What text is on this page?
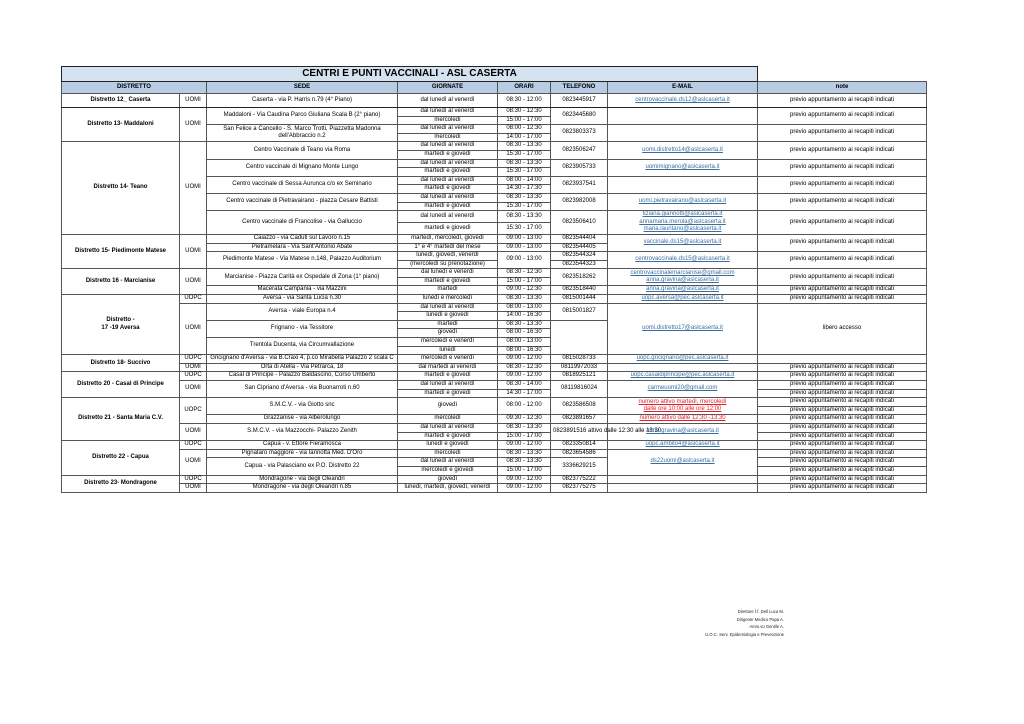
CENTRI E PUNTI VACCINALI - ASL CASERTA							
DISTRETTO		SEDE	GIORNATE	ORARI	TELEFONO	E-MAIL	note
Distretto 12_ Caserta	UOMI	Caserta - via P. Harris n.79 (4° Piano)	dal lunedì al venerdì	08:30 - 12:00	0823445917	centrovaccinale.ds12@aslcaserta.it	previo appuntamento ai recapiti indicati
Distretto 13- Maddaloni	UOMI	Maddaloni - Via Caudina Parco Giuliana Scala B (2° piano)	dal lunedì al venerdì	08:30 - 12:30	0823445680		previo appuntamento ai recapiti indicati
			mercoledì	15:00 - 17:00			
		San Felice a Cancello - S. Marco Trotti, Piazzetta Madonna dell'Abbraccio n.2	dal lunedì al venerdì	08:00 - 12:30	0823803373		previo appuntamento ai recapiti indicati
			mercoledì	14:00 - 17:00			
Distretto 14- Teano	UOMI	Centro Vaccinale di Teano via Roma	dal lunedì al venerdì	08:30 - 13:30	0823506247	uomi.distretto14@aslcaserta.it	previo appuntamento ai recapiti indicati
			martedì e giovedì	15:30 - 17:00			
		Centro vaccinale di Mignano Monte Lungo	dal lunedì al venerdì	08:30 - 13:30	0823905733	uomimignano@aslcaserta.it	previo appuntamento ai recapiti indicati
			martedì e giovedì	15:30 - 17:00			
		Centro vaccinale di Sessa Aurunca c/o ex Seminario	dal lunedì al venerdì	08:00 - 14:00	0823937541		previo appuntamento ai recapiti indicati
			martedì e giovedì	14:30 - 17:30			
		Centro vaccinale di Pietravairano - piazza Cesare Battisti	dal lunedì al venerdì	08:30 - 13:30	0823982008	uomi.pietravairano@aslcaserta.it	previo appuntamento ai recapiti indicati
			martedì e giovedì	15:30 - 17:00			
		Centro vaccinale di Francolise - via Galluccio	dal lunedì al venerdì	08:30 - 13:30	0823506410	tiziana.giannotti@aslcaserta.it
annamaria.merola@aslcaserta.it
maria.lauritano@aslcaserta.it	previo appuntamento ai recapiti indicati
			martedì e giovedì	15:30 - 17:00			
Distretto 15- Piedimonte Matese	UOMI	Caiazzo - via Caduti sul Lavoro n.15	martedì, mercoledì, giovedì	09:00 - 13:00	0823544404	vaccinale.ds15@aslcaserta.it	previo appuntamento ai recapiti indicati
		Pietramelara - Via Sant'Antonio Abate	1° e 4° martedì del mese	09:00 - 13:00	0823544405		
		Piedimonte Matese - Via Matese n.148, Palazzo Auditorium	lunedì, giovedì, venerdì	09:00 - 13:00	0823544324	centrovaccinale.ds15@aslcaserta.it	previo appuntamento ai recapiti indicati
			(mercoledì su prenotazione)		0823544323		
Distretto 16 - Marcianise	UOMI	Marcianise - Piazza Carità ex Ospedale di Zona (1° piano)	dal lunedì e venerdì	08:30 - 12:30	0823518262	centrovaccinalemarcianise@gmail.com
anna.gravina@aslcaserta.it	previo appuntamento ai recapiti indicati
			martedì e giovedì	15:00 - 17:00			
		Macerata Campania - via Mazzini	martedì	09:00 - 12:30	0823518440	anna.gravina@aslcaserta.it	previo appuntamento ai recapiti indicati

Distretto -
17 -19 Aversa	UOPC	Aversa - via Santa Lucia n.30	lunedì e mercoledì	08:30 - 13:30	0815001444	uopc.aversa@pec.aslcaserta.it	previo appuntamento ai recapiti indicati
	UOMI	Aversa - viale Europa n.4	dal lunedì al venerdì	08:00 - 13:00	0815001827	uomi.distretto17@aslcaserta.it	libero accesso
			lunedì e giovedì	14:00 - 16:30			
		Frignano - via Tessitore	martedì	08:30 - 13:30			
			giovedì	08:00 - 16:30			
		Trentola Ducenta, via Circumvallazione	mercoledì e venerdì	08:00 - 13:00			
			lunedì	08:00 - 16:30			
Distretto 18- Succivo	UOPC	Gricignano d'Aversa - via B.Craxi 4, p.co Mirabella Palazzo 2 scala C	mercoledì e venerdì	09:00 - 12:00	0815028733	uopc.gricignano@pec.aslcaserta.it	

	UOMI	Orta di Atella - Via Petrarca, 18	dal martedì al venerdì	08:30 - 12:30	08119972033		previo appuntamento ai recapiti indicati
Distretto 20 - Casal di Principe	UOPC	Casal di Principe - Palazzo Baldascino, Corso Umberto	martedì e giovedì	09:00 - 12:00	0818925121	uopc.casaldiprincipe@pec.aslcaserta.it	previo appuntamento ai recapiti indicati
	UOMI	San Cipriano d'Aversa - via Buonarroti n.60	dal lunedì al venerdì	08:30 - 14:00	08119816024	carmeuomi20@gmail.com	previo appuntamento ai recapiti indicati
			martedì e giovedì	14:30 - 17:00			previo appuntamento ai recapiti indicati
Distretto 21 - Santa Maria C.V.	UOPC	S.M.C.V. - via Giotto snc	giovedì	08:00 - 12:00	0823586508	numero attivo martedì, mercoledì
dalle ore 10:00 alle ore 12:00	previo appuntamento ai recapiti indicati
							previo appuntamento ai recapiti indicati
		Grazzanise - via Alberolungo	mercoledì	09:30 - 12:30	0823891657	numero attivo dalle 12:30 -13:30	previo appuntamento ai recapiti indicati
	UOMI	S.M.C.V. - via Mazzocchi- Palazzo Zenith	dal lunedì al venerdì	08:30 - 13:30	0823891516 attivo dalle 12:30 alle 13:30	anna.gravina@aslcaserta.it	previo appuntamento ai recapiti indicati
			martedì e giovedì	15:00 - 17:00			previo appuntamento ai recapiti indicati

Distretto 22 - Capua	UOPC	Capua - v. Ettore Fieramosca	lunedì e giovedì	09:00 - 12:00	0823350814	uopc.ambito4@aslcaserta.it	previo appuntamento ai recapiti indicati
	UOMI	Pignataro maggiore - via Iannotta Med. D'Oro	mercoledì	08:30 - 13:30	0823654586	ds22uomi@aslcaserta.it	previo appuntamento ai recapiti indicati
		Capua - via Palasciano ex P.O. Distretto 22	dal lunedì al venerdì	08:30 - 13:30	3336629215		previo appuntamento ai recapiti indicati
			mercoledì e giovedì	15:00 - 17:00			previo appuntamento ai recapiti indicati
Distretto 23- Mondragone	UOPC	Mondragone - via degli Oleandri	giovedì	09:00 - 12:00	0823775222		previo appuntamento ai recapiti indicati
	UOMI	Mondragone - via degli Oleandri n.85	lunedì, martedì, giovedì, venerdì	09:00 - 12:00	0823775275		previo appuntamento ai recapiti indicati
Direttore f.f. Dell Luca M.
Dirigente Medico Papa A.
Amm.vo Gentile A.
U.O.C. Serv. Epidemiologia e Prevenzione
